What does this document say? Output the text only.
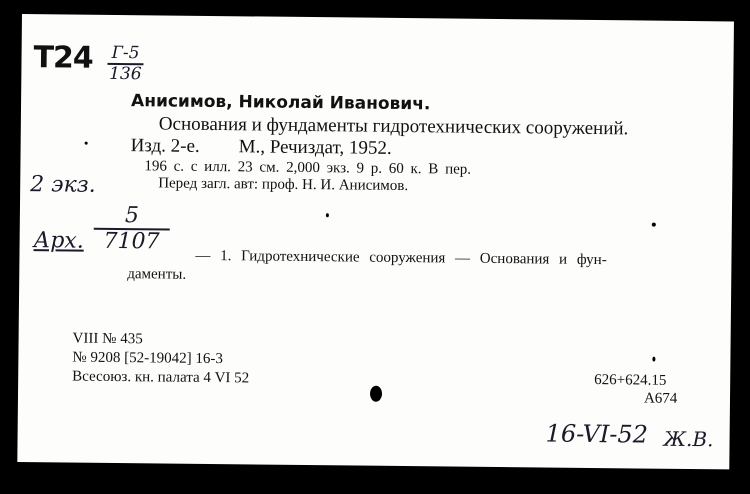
Т24 Г-5
136
Анисимов, Николай Иванович.
Основания и фундаменты гидротехнических сооружений.
Изд. 2-е. М., Речиздат, 1952.
196 с. с илл. 23 см. 2,000 экз. 9 р. 60 к. В пер.
Перед загл. авт: проф. Н. И. Анисимов.
2 экз.
Арх.
5
7107
— 1. Гидротехнические сооружения — Основания и фун-
даменты.
VIII № 435
№ 9208 [52-19042] 16-3
Всесоюз. кн. палата 4 VI 52	626+624.15
А674
16-VI-52 Ж.В.
